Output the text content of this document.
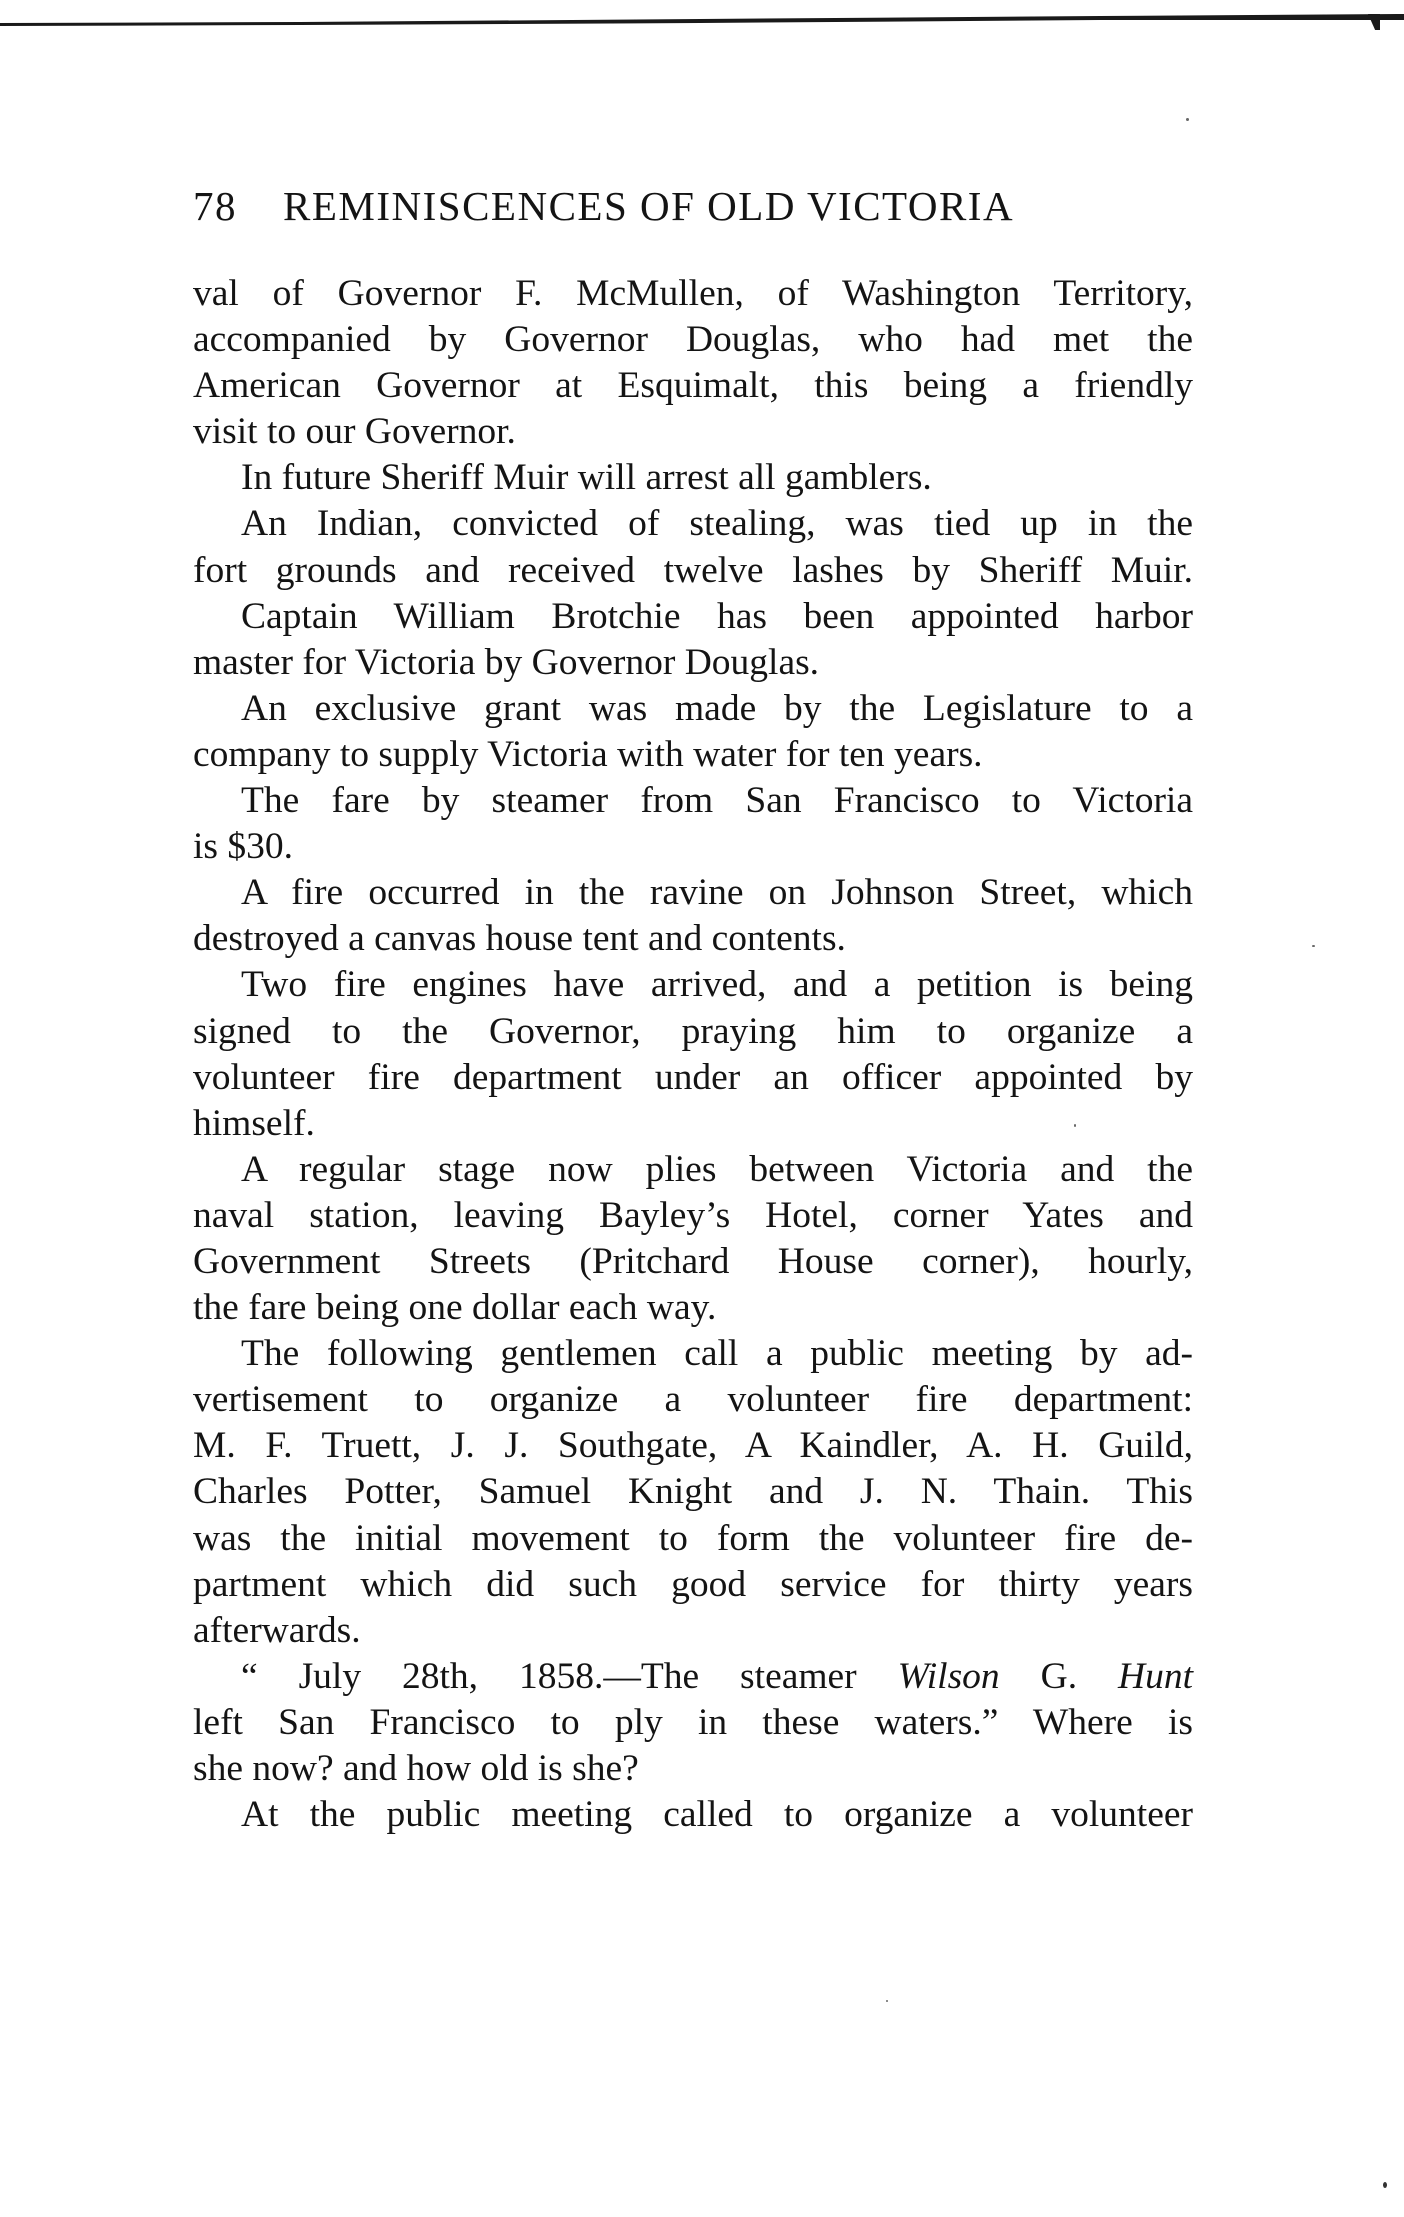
78 REMINISCENCES OF OLD VICTORIA
val of Governor F. McMullen, of Washington Territory,
accompanied by Governor Douglas, who had met the
American Governor at Esquimalt, this being a friendly
visit to our Governor.
In future Sheriff Muir will arrest all gamblers.
An Indian, convicted of stealing, was tied up in the
fort grounds and received twelve lashes by Sheriff Muir.
Captain William Brotchie has been appointed harbor
master for Victoria by Governor Douglas.
An exclusive grant was made by the Legislature to a
company to supply Victoria with water for ten years.
The fare by steamer from San Francisco to Victoria
is $30.
A fire occurred in the ravine on Johnson Street, which
destroyed a canvas house tent and contents.
Two fire engines have arrived, and a petition is being
signed to the Governor, praying him to organize a
volunteer fire department under an officer appointed by
himself.
A regular stage now plies between Victoria and the
naval station, leaving Bayley’s Hotel, corner Yates and
Government Streets (Pritchard House corner), hourly,
the fare being one dollar each way.
The following gentlemen call a public meeting by ad-
vertisement to organize a volunteer fire department:
M. F. Truett, J. J. Southgate, A Kaindler, A. H. Guild,
Charles Potter, Samuel Knight and J. N. Thain. This
was the initial movement to form the volunteer fire de-
partment which did such good service for thirty years
afterwards.
“ July 28th, 1858.—The steamer Wilson G. Hunt
left San Francisco to ply in these waters.” Where is
she now? and how old is she?
At the public meeting called to organize a volunteer
